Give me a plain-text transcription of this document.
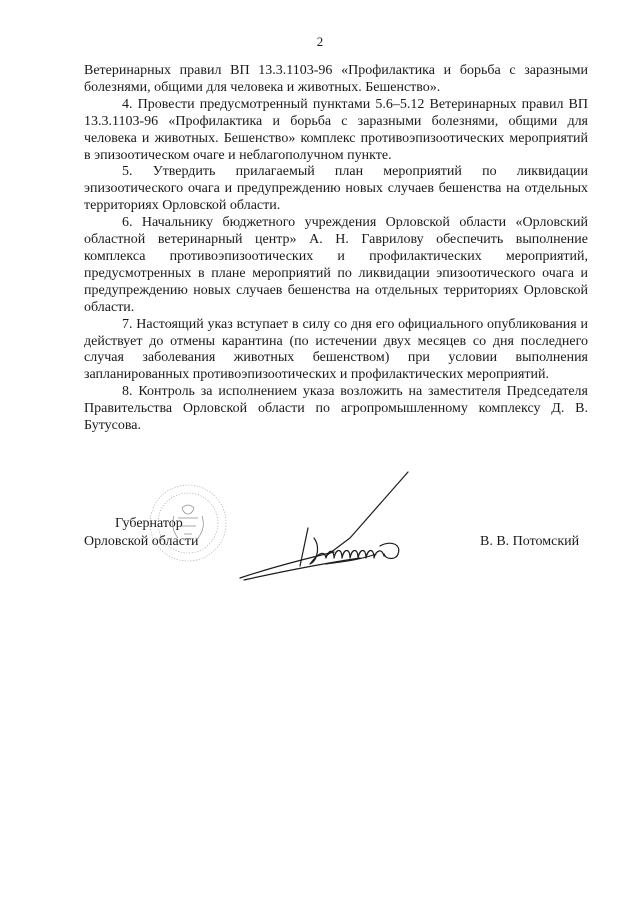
2

Ветеринарных правил ВП 13.3.1103-96 «Профилактика и борьба с заразными болезнями, общими для человека и животных. Бешенство».

4. Провести предусмотренный пунктами 5.6–5.12 Ветеринарных правил ВП 13.3.1103-96 «Профилактика и борьба с заразными болезнями, общими для человека и животных. Бешенство» комплекс противоэпизоотических мероприятий в эпизоотическом очаге и неблагополучном пункте.

5. Утвердить прилагаемый план мероприятий по ликвидации эпизоотического очага и предупреждению новых случаев бешенства на отдельных территориях Орловской области.

6. Начальнику бюджетного учреждения Орловской области «Орловский областной ветеринарный центр» А. Н. Гаврилову обеспечить выполнение комплекса противоэпизоотических и профилактических мероприятий, предусмотренных в плане мероприятий по ликвидации эпизоотического очага и предупреждению новых случаев бешенства на отдельных территориях Орловской области.

7. Настоящий указ вступает в силу со дня его официального опубликования и действует до отмены карантина (по истечении двух месяцев со дня последнего случая заболевания животных бешенством) при условии выполнения запланированных противоэпизоотических и профилактических мероприятий.

8. Контроль за исполнением указа возложить на заместителя Председателя Правительства Орловской области по агропромышленному комплексу Д. В. Бутусова.

Губернатор
Орловской области	В. В. Потомский
